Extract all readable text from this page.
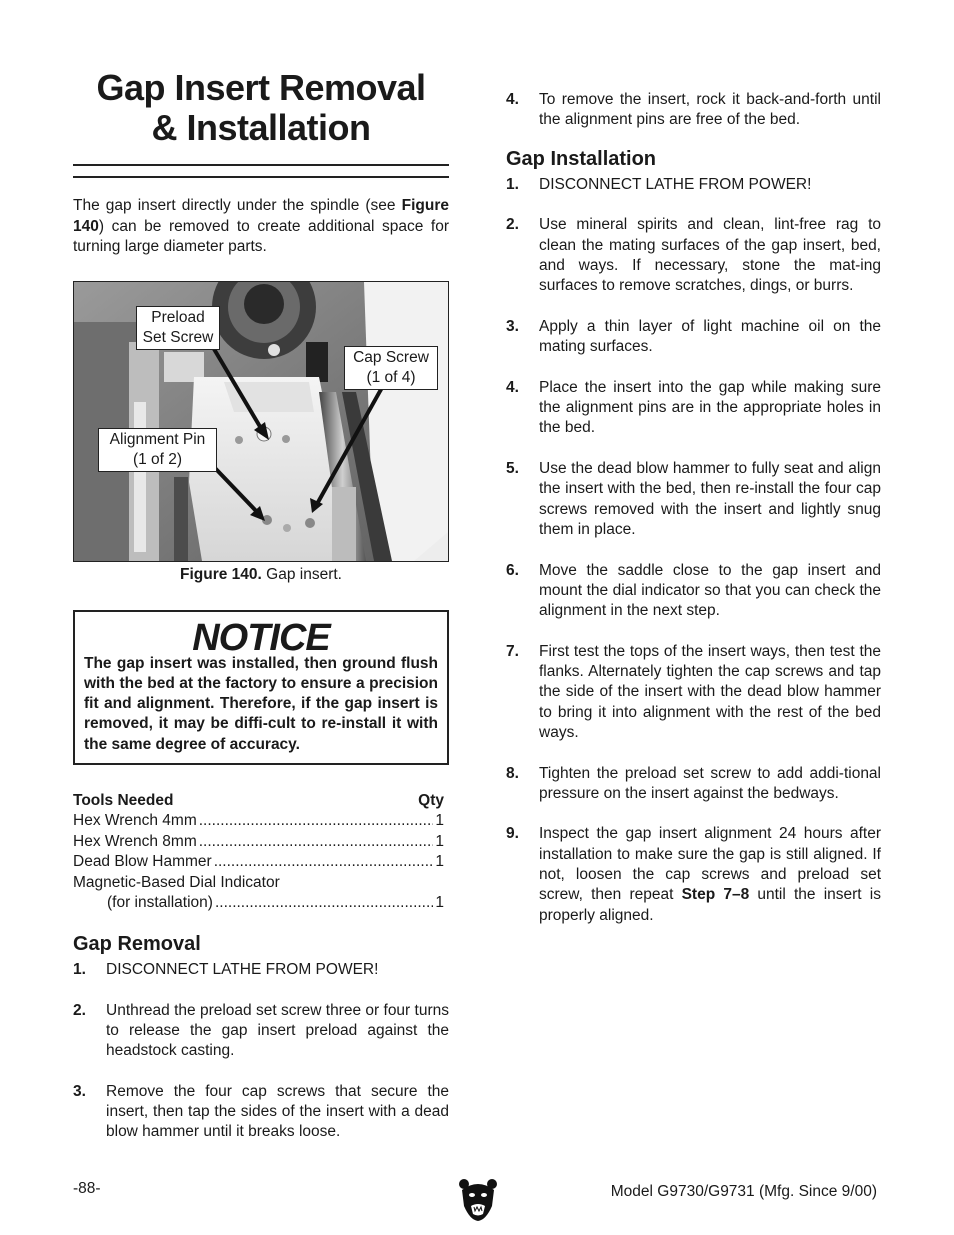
Gap Insert Removal
& Installation

The gap insert directly under the spindle (see Figure 140) can be removed to create additional space for turning large diameter parts.

Preload
Set Screw
Cap Screw
(1 of 4)
Alignment Pin
(1 of 2)
Figure 140. Gap insert.
NOTICE

The gap insert was installed, then ground flush with the bed at the factory to ensure a precision fit and alignment. Therefore, if the gap insert is removed, it may be diffi-cult to re-install it with the same degree of accuracy.

Tools Needed	Qty
Hex Wrench 4mm .....	1
Hex Wrench 8mm .....	1
Dead Blow Hammer .....	1
Magnetic-Based Dial Indicator
(for installation) .....	1
Gap Removal
1.	DISCONNECT LATHE FROM POWER!
2.	Unthread the preload set screw three or four turns to release the gap insert preload against the headstock casting.
3.	Remove the four cap screws that secure the insert, then tap the sides of the insert with a dead blow hammer until it breaks loose.
4.	To remove the insert, rock it back-and-forth until the alignment pins are free of the bed.
Gap Installation
1.	DISCONNECT LATHE FROM POWER!
2.	Use mineral spirits and clean, lint-free rag to clean the mating surfaces of the gap insert, bed, and ways. If necessary, stone the mat-ing surfaces to remove scratches, dings, or burrs.
3.	Apply a thin layer of light machine oil on the mating surfaces.
4.	Place the insert into the gap while making sure the alignment pins are in the appropriate holes in the bed.
5.	Use the dead blow hammer to fully seat and align the insert with the bed, then re-install the four cap screws removed with the insert and lightly snug them in place.
6.	Move the saddle close to the gap insert and mount the dial indicator so that you can check the alignment in the next step.
7.	First test the tops of the insert ways, then test the flanks. Alternately tighten the cap screws and tap the side of the insert with the dead blow hammer to bring it into alignment with the rest of the bed ways.
8.	Tighten the preload set screw to add addi-tional pressure on the insert against the bedways.
9.	Inspect the gap insert alignment 24 hours after installation to make sure the gap is still aligned. If not, loosen the cap screws and preload set screw, then repeat Step 7–8 until the insert is properly aligned.
-88-	Model G9730/G9731 (Mfg. Since 9/00)
